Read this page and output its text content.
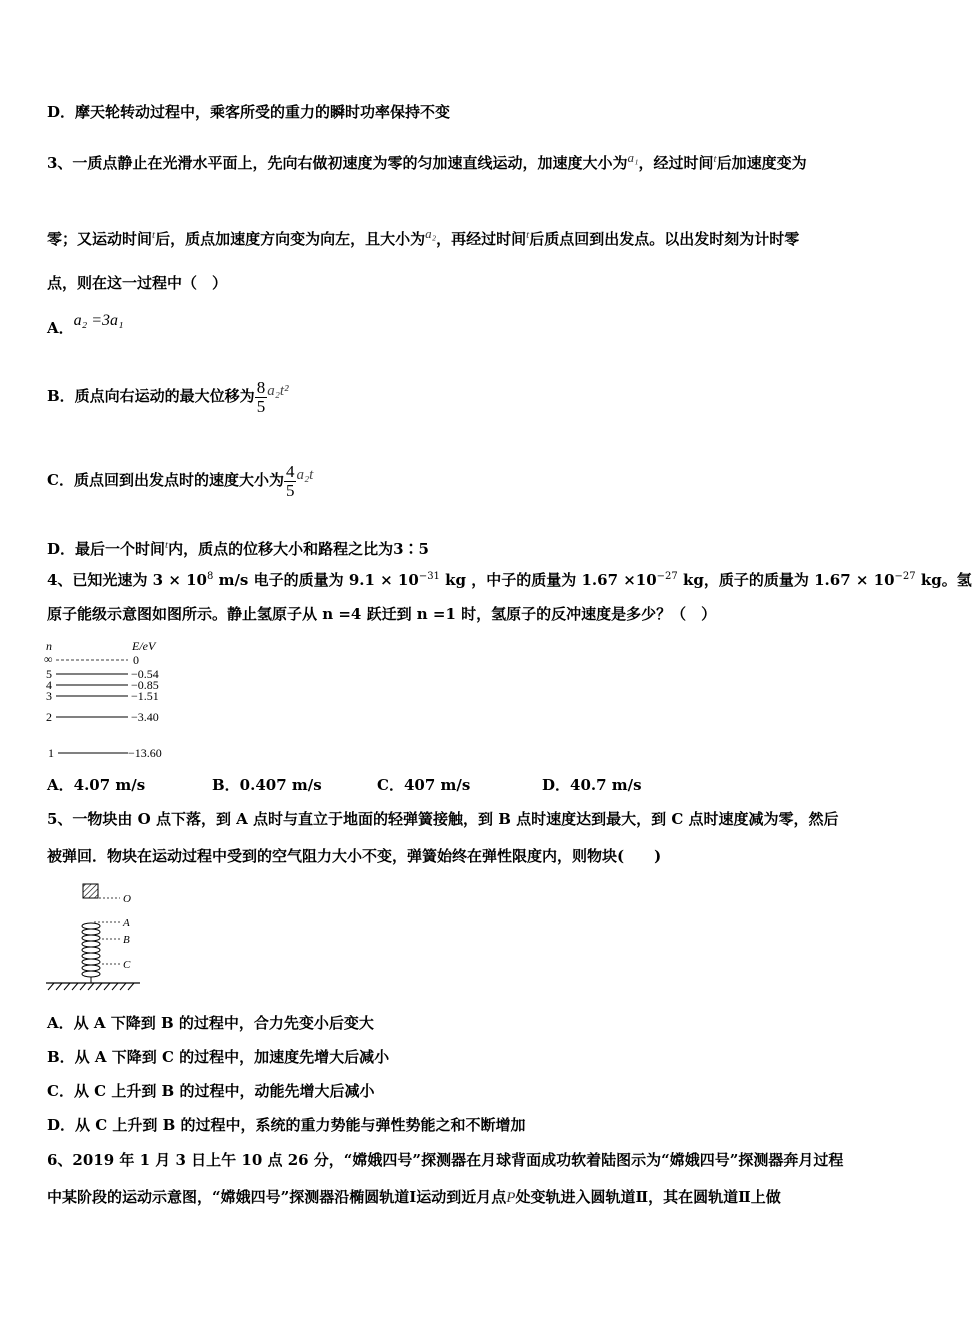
D．摩天轮转动过程中，乘客所受的重力的瞬时功率保持不变
3、一质点静止在光滑水平面上，先向右做初速度为零的匀加速直线运动，加速度大小为a₁，经过时间$^t$后加速度变为
零；又运动时间$^t$后，质点加速度方向变为向左，且大小为a₂，再经过时间$^t$后质点回到出发点。以出发时刻为计时零
点，则在这一过程中（　）
A．a₂ =3a₁
B．质点向右运动的最大位移为 $\frac{8}{5} a_2t^2$
C．质点回到出发点时的速度大小为 $\frac{4}{5} a_2t$
D．最后一个时间$^t$内，质点的位移大小和路程之比为3∶5
4、已知光速为 $3 \times 10^8$ m/s 电子的质量为 $9.1 \times 10^{-31}$ kg ，中子的质量为 $1.67 \times 10^{-27}$ kg，质子的质量为 $1.67 \times 10^{-27}$ kg。氢
原子能级示意图如图所示。静止氢原子从 n =4 跃迁到 n =1 时，氢原子的反冲速度是多少？（　）
n	E/eV
∞	0
5	−0.54
4	−0.85
3	−1.51
2	−3.40
1	−13.60
A．4.07 m/s	B．0.407 m/s	C．407 m/s	D．40.7 m/s
5、一物块由 O 点下落，到 A 点时与直立于地面的轻弹簧接触，到 B 点时速度达到最大，到 C 点时速度减为零，然后
被弹回．物块在运动过程中受到的空气阻力大小不变，弹簧始终在弹性限度内，则物块(　　)
O
A
B
C
A．从 A 下降到 B 的过程中，合力先变小后变大
B．从 A 下降到 C 的过程中，加速度先增大后减小
C．从 C 上升到 B 的过程中，动能先增大后减小
D．从 C 上升到 B 的过程中，系统的重力势能与弹性势能之和不断增加
6、2019 年 1 月 3 日上午 10 点 26 分，“嫦娥四号”探测器在月球背面成功软着陆图示为“嫦娥四号”探测器奔月过程
中某阶段的运动示意图，“嫦娥四号”探测器沿椭圆轨道Ⅰ运动到近月点P处变轨进入圆轨道Ⅱ，其在圆轨道Ⅱ上做
